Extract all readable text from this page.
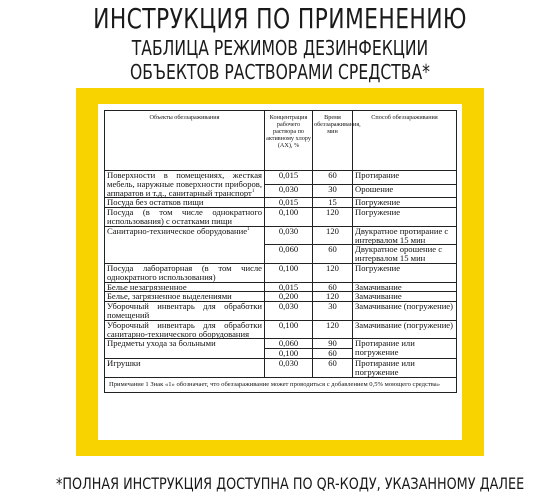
ИНСТРУКЦИЯ ПО ПРИМЕНЕНИЮ
ТАБЛИЦА РЕЖИМОВ ДЕЗИНФЕКЦИИ
ОБЪЕКТОВ РАСТВОРАМИ СРЕДСТВА*
Объекты обеззараживания	Концентрация рабочего раствора по активному хлору (АХ), %	Время обеззараживания, мин	Способ обеззараживания
Поверхности в помещениях, жесткая мебель, наружные поверхности приборов, аппаратов и т.д., санитарный транспорт$^1$	0,015	60	Протирание
	0,030	30	Орошение
Посуда без остатков пищи	0,015	15	Погружение
Посуда (в том числе однократного использования) с остатками пищи	0,100	120	Погружение
Санитарно-техническое оборудование$^1$	0,030	120	Двукратное протирание с интервалом 15 мин
	0,060	60	Двукратное орошение с интервалом 15 мин
Посуда лабораторная (в том числе однократного использования)	0,100	120	Погружение
Белье незагрязненное	0,015	60	Замачивание
Белье, загрязненное выделениями	0,200	120	Замачивание
Уборочный инвентарь для обработки помещений	0,030	30	Замачивание (погружение)
Уборочный инвентарь для обработки санитарно-технического оборудования	0,100	120	Замачивание (погружение)
Предметы ухода за больными	0,060	90	Протирание или погружение
	0,100	60	
Игрушки	0,030	60	Протирание или погружение
Примечание 1 Знак «1» обозначает, что обеззараживание может проводиться с добавлением 0,5% моющего средства»			
*ПОЛНАЯ ИНСТРУКЦИЯ ДОСТУПНА ПО QR-КОДУ, УКАЗАННОМУ ДАЛЕЕ
